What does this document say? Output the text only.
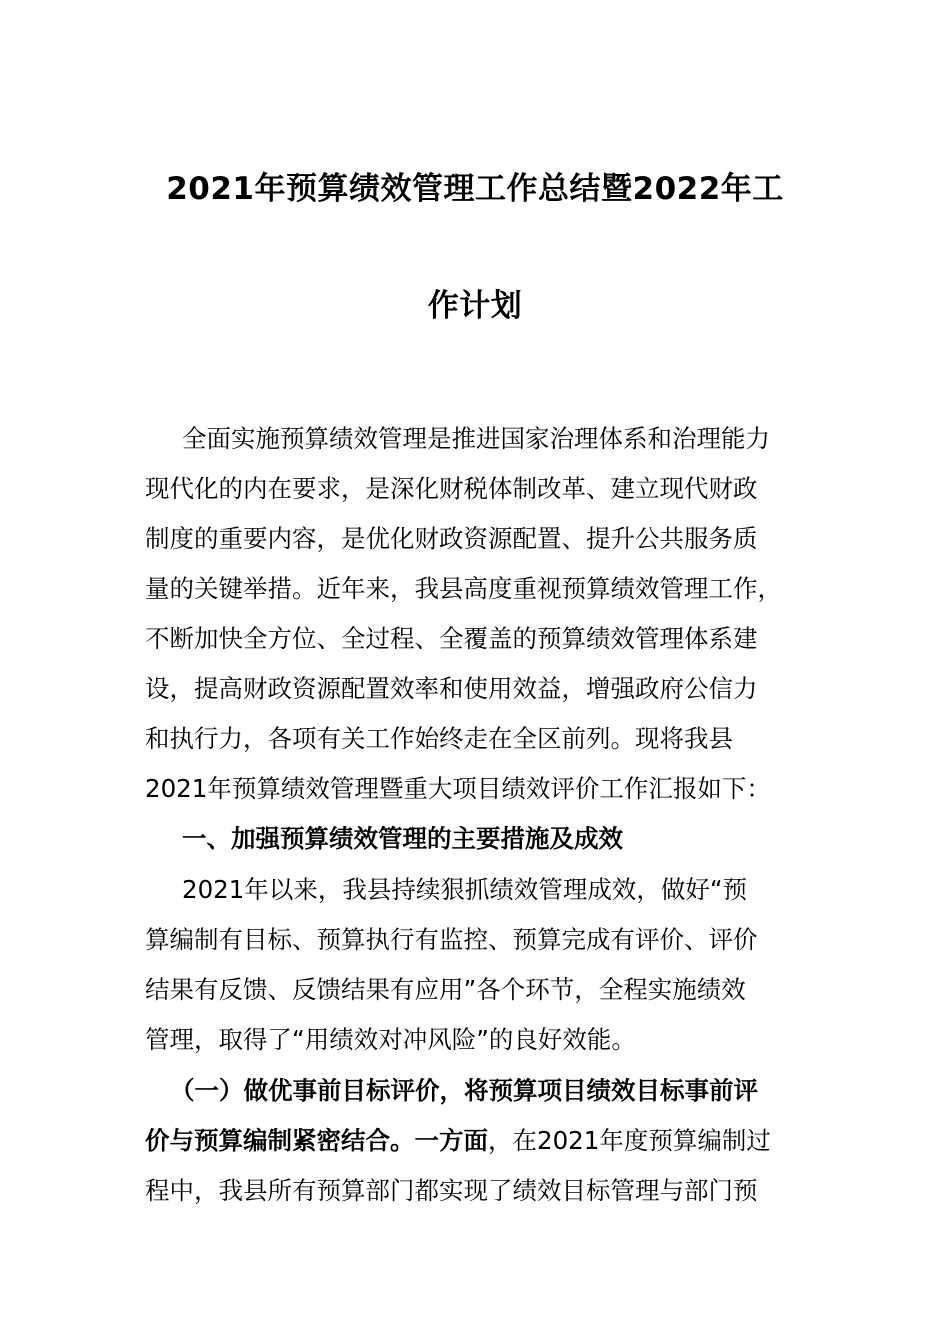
2021年预算绩效管理工作总结暨2022年工
作计划
全面实施预算绩效管理是推进国家治理体系和治理能力
现代化的内在要求，是深化财税体制改革、建立现代财政
制度的重要内容，是优化财政资源配置、提升公共服务质
量的关键举措。近年来，我县高度重视预算绩效管理工作，
不断加快全方位、全过程、全覆盖的预算绩效管理体系建
设，提高财政资源配置效率和使用效益，增强政府公信力
和执行力，各项有关工作始终走在全区前列。现将我县
2021年预算绩效管理暨重大项目绩效评价工作汇报如下：
一、加强预算绩效管理的主要措施及成效
2021年以来，我县持续狠抓绩效管理成效，做好“预
算编制有目标、预算执行有监控、预算完成有评价、评价
结果有反馈、反馈结果有应用”各个环节，全程实施绩效
管理，取得了“用绩效对冲风险”的良好效能。
（一）做优事前目标评价，将预算项目绩效目标事前评
价与预算编制紧密结合。一方面，在2021年度预算编制过
程中，我县所有预算部门都实现了绩效目标管理与部门预
